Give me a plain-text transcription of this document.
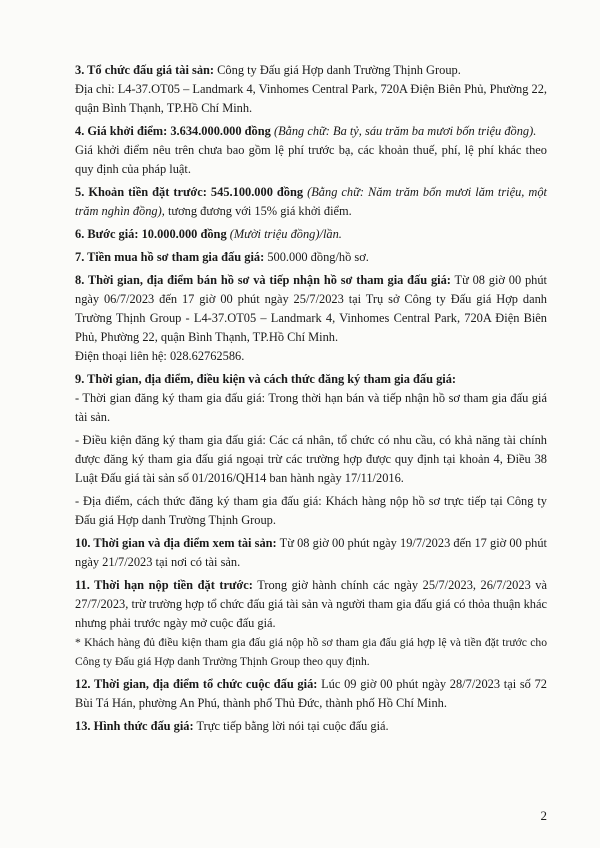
3. Tổ chức đấu giá tài sản: Công ty Đấu giá Hợp danh Trường Thịnh Group.

Địa chỉ: L4-37.OT05 – Landmark 4, Vinhomes Central Park, 720A Điện Biên Phủ, Phường 22, quận Bình Thạnh, TP.Hồ Chí Minh.

4. Giá khởi điểm: 3.634.000.000 đồng (Bằng chữ: Ba tỷ, sáu trăm ba mươi bốn triệu đồng).

Giá khởi điểm nêu trên chưa bao gồm lệ phí trước bạ, các khoản thuế, phí, lệ phí khác theo quy định của pháp luật.

5. Khoản tiền đặt trước: 545.100.000 đồng (Bằng chữ: Năm trăm bốn mươi lăm triệu, một trăm nghìn đồng), tương đương với 15% giá khởi điểm.

6. Bước giá: 10.000.000 đồng (Mười triệu đồng)/lần.

7. Tiền mua hồ sơ tham gia đấu giá: 500.000 đồng/hồ sơ.

8. Thời gian, địa điểm bán hồ sơ và tiếp nhận hồ sơ tham gia đấu giá: Từ 08 giờ 00 phút ngày 06/7/2023 đến 17 giờ 00 phút ngày 25/7/2023 tại Trụ sở Công ty Đấu giá Hợp danh Trường Thịnh Group - L4-37.OT05 – Landmark 4, Vinhomes Central Park, 720A Điện Biên Phủ, Phường 22, quận Bình Thạnh, TP.Hồ Chí Minh.

Điện thoại liên hệ: 028.62762586.

9. Thời gian, địa điểm, điều kiện và cách thức đăng ký tham gia đấu giá:

- Thời gian đăng ký tham gia đấu giá: Trong thời hạn bán và tiếp nhận hồ sơ tham gia đấu giá tài sản.

- Điều kiện đăng ký tham gia đấu giá: Các cá nhân, tổ chức có nhu cầu, có khả năng tài chính được đăng ký tham gia đấu giá ngoại trừ các trường hợp được quy định tại khoản 4, Điều 38 Luật Đấu giá tài sản số 01/2016/QH14 ban hành ngày 17/11/2016.

- Địa điểm, cách thức đăng ký tham gia đấu giá: Khách hàng nộp hồ sơ trực tiếp tại Công ty Đấu giá Hợp danh Trường Thịnh Group.

10. Thời gian và địa điểm xem tài sản: Từ 08 giờ 00 phút ngày 19/7/2023 đến 17 giờ 00 phút ngày 21/7/2023 tại nơi có tài sản.

11. Thời hạn nộp tiền đặt trước: Trong giờ hành chính các ngày 25/7/2023, 26/7/2023 và 27/7/2023, trừ trường hợp tổ chức đấu giá tài sản và người tham gia đấu giá có thỏa thuận khác nhưng phải trước ngày mở cuộc đấu giá.

* Khách hàng đủ điều kiện tham gia đấu giá nộp hồ sơ tham gia đấu giá hợp lệ và tiền đặt trước cho Công ty Đấu giá Hợp danh Trường Thịnh Group theo quy định.

12. Thời gian, địa điểm tổ chức cuộc đấu giá: Lúc 09 giờ 00 phút ngày 28/7/2023 tại số 72 Bùi Tá Hán, phường An Phú, thành phố Thủ Đức, thành phố Hồ Chí Minh.

13. Hình thức đấu giá: Trực tiếp bằng lời nói tại cuộc đấu giá.

2
